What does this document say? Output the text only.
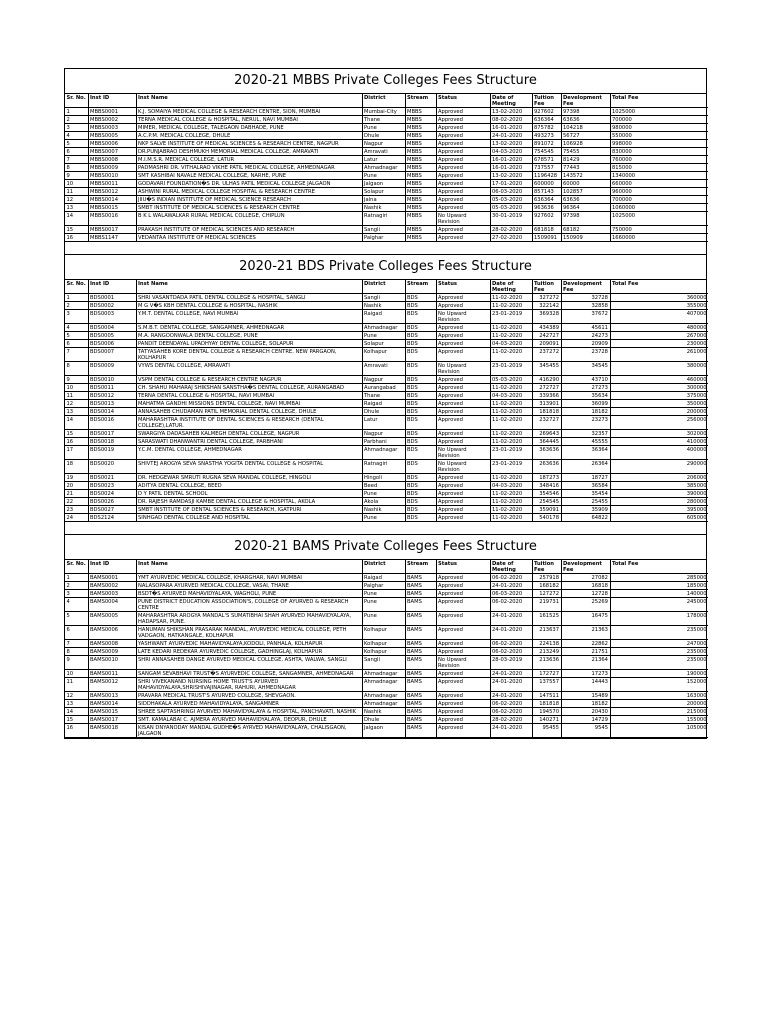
2020-21 MBBS Private Colleges Fees Structure
Sr. No.	Inst ID	Inst Name	District	Stream	Status	Date of Meeting	Tuition Fee	Development Fee	Total Fee
1	MBBS0001	K.J. SOMAIYA MEDICAL COLLEGE & RESEARCH CENTRE, SION, MUMBAI	Mumbai-City	MBBS	Approved	13-02-2020	927602	97398	1025000
2	MBBS0002	TERNA MEDICAL COLLEGE & HOSPITAL, NERUL, NAVI MUMBAI	Thane	MBBS	Approved	08-02-2020	636364	63636	700000
3	MBBS0003	MIMER, MEDICAL COLLEGE, TALEGAON DABHADE, PUNE	Pune	MBBS	Approved	16-01-2020	875782	104218	980000
4	MBBS0005	A.C.P.M. MEDICAL COLLEGE, DHULE	Dhule	MBBS	Approved	24-01-2020	493273	56727	550000
5	MBBS0006	NKP SALVE INSTITUTE OF MEDICAL SCIENCES & RESEARCH CENTRE, NAGPUR	Nagpur	MBBS	Approved	13-02-2020	891072	106928	998000
6	MBBS0007	DR.PUNJABRAO DESHMUKH MEMORIAL MEDICAL COLLEGE, AMRAVATI	Amravati	MBBS	Approved	04-03-2020	754545	75455	830000
7	MBBS0008	M.I.M.S.R. MEDICAL COLLEGE, LATUR	Latur	MBBS	Approved	16-01-2020	678571	81429	760000
8	MBBS0009	PADMASHRI DR. VITHALRAO VIKHE PATIL MEDICAL COLLEGE, AHMEDNAGAR	Ahmadnagar	MBBS	Approved	16-01-2020	737557	77443	815000
9	MBBS0010	SMT KASHIBAI NAVALE MEDICAL COLLEGE, NARHE, PUNE	Pune	MBBS	Approved	13-02-2020	1196428	143572	1340000
10	MBBS0011	GODAVARI FOUNDATION�S DR. ULHAS PATIL MEDICAL COLLEGE JALGAON	Jalgaon	MBBS	Approved	17-01-2020	600000	60000	660000
11	MBBS0012	ASHWINI RURAL MEDICAL COLLEGE HOSPITAL & RESEARCH CENTRE	Solapur	MBBS	Approved	06-03-2020	857143	102857	960000
12	MBBS0014	JIIU�S INDIAN INSTITUTE OF MEDICAL SCIENCE RESEARCH	Jalna	MBBS	Approved	05-03-2020	636364	63636	700000
13	MBBS0015	SMBT INSTITUTE OF MEDICAL SCIENCES & RESEARCH CENTRE	Nashik	MBBS	Approved	05-03-2020	963636	96364	1060000
14	MBBS0016	B K L WALAWALKAR RURAL MEDICAL COLLEGE, CHIPLUN	Ratnagiri	MBBS	No Upward Revision	30-01-2019	927602	97398	1025000
15	MBBS0017	PRAKASH INSTITUTE OF MEDICAL SCIENCES AND RESEARCH	Sangli	MBBS	Approved	28-02-2020	681818	68182	750000
16	MBBS1147	VEDANTAA INSTITUTE OF MEDICAL SCIENCES	Palghar	MBBS	Approved	27-02-2020	1509091	150909	1660000
2020-21 BDS Private Colleges Fees Structure
Sr. No.	Inst ID	Inst Name	District	Stream	Status	Date of Meeting	Tuition Fee	Development Fee	Total Fee
1	BDS0001	SHRI VASANTDADA PATIL DENTAL COLLEGE & HOSPITAL, SANGLI	Sangli	BDS	Approved	11-02-2020	327272	32728	360000
2	BDS0002	M G V�S KBH DENTAL COLLEGE & HOSPITAL, NASHIK	Nashik	BDS	Approved	11-02-2020	322142	32858	355000
3	BDS0003	Y.M.T. DENTAL COLLEGE, NAVI MUMBAI	Raigad	BDS	No Upward Revision	23-01-2019	369328	37672	407000
4	BDS0004	S.M.B.T. DENTAL COLLEGE, SANGAMNER, AHMEDNAGAR	Ahmadnagar	BDS	Approved	11-02-2020	434389	45611	480000
5	BDS0005	M.A. RANGOONWALA DENTAL COLLEGE, PUNE	Pune	BDS	Approved	11-02-2020	242727	24273	267000
6	BDS0006	PANDIT DEENDAYAL UPADHYAY DENTAL COLLEGE, SOLAPUR	Solapur	BDS	Approved	04-03-2020	209091	20909	230000
7	BDS0007	TATYASAHEB KORE DENTAL COLLEGE & RESEARCH CENTRE, NEW PARGAON, KOLHAPUR	Kolhapur	BDS	Approved	11-02-2020	237272	23728	261000
8	BDS0009	VYWS DENTAL COLLEGE, AMRAVATI	Amravati	BDS	No Upward Revision	23-01-2019	345455	34545	380000
9	BDS0010	VSPM DENTAL COLLEGE & RESEARCH CENTRE NAGPUR	Nagpur	BDS	Approved	05-03-2020	416290	43710	460000
10	BDS0011	CH. SHAHU MAHARAJ SHIKSHAN SANSTHA�S DENTAL COLLEGE, AURANGABAD	Aurangabad	BDS	Approved	11-02-2020	272727	27273	300000
11	BDS0012	TERNA DENTAL COLLEGE & HOSPITAL, NAVI MUMBAI	Thane	BDS	Approved	04-03-2020	339366	35634	375000
12	BDS0013	MAHATMA GANDHI MISSIONS DENTAL COLLEGE, NAVI MUMBAI	Raigad	BDS	Approved	11-02-2020	313901	36099	350000
13	BDS0014	ANNASAHEB CHUDAMAN PATIL MEMORIAL DENTAL COLLEGE, DHULE	Dhule	BDS	Approved	11-02-2020	181818	18182	200000
14	BDS0016	MAHARASHTRA INSTITUTE OF DENTAL SCIENCES & RESEARCH (DENTAL COLLEGE),LATUR.	Latur	BDS	Approved	11-02-2020	232727	23273	256000
15	BDS0017	SWARGIYA DADASAHEB KALMEGH DENTAL COLLEGE, NAGPUR	Nagpur	BDS	Approved	11-02-2020	269643	32357	302000
16	BDS0018	SARASWATI DHANWANTRI DENTAL COLLEGE, PARBHANI	Parbhani	BDS	Approved	11-02-2020	364445	45555	410000
17	BDS0019	Y.C.M. DENTAL COLLEGE, AHMEDNAGAR	Ahmadnagar	BDS	No Upward Revision	23-01-2019	363636	36364	400000
18	BDS0020	SHIVTEJ AROGYA SEVA SNASTHA YOGITA DENTAL COLLEGE & HOSPITAL	Ratnagiri	BDS	No Upward Revision	23-01-2019	263636	26364	290000
19	BDS0021	DR. HEDGEWAR SMRUTI RUGNA SEVA MANDAL COLLEGE, HINGOLI	Hingoli	BDS	Approved	11-02-2020	187273	18727	206000
20	BDS0023	ADITYA DENTAL COLLEGE, BEED	Beed	BDS	Approved	04-03-2020	348416	36584	385000
21	BDS0024	D Y PATIL DENTAL SCHOOL	Pune	BDS	Approved	11-02-2020	354546	35454	390000
22	BDS0026	DR. RAJESH RAMDASJI KAMBE DENTAL COLLEGE & HOSPITAL, AKOLA	Akola	BDS	Approved	11-02-2020	254545	25455	280000
23	BDS0027	SMBT INSTITUTE OF DENTAL SCIENCES & RESEARCH, IGATPURI	Nashik	BDS	Approved	11-02-2020	359091	35909	395000
24	BDS2124	SINHGAD DENTAL COLLEGE AND HOSPITAL	Pune	BDS	Approved	11-02-2020	540178	64822	605000
2020-21 BAMS Private Colleges Fees Structure
Sr. No.	Inst ID	Inst Name	District	Stream	Status	Date of Meeting	Tuition Fee	Development Fee	Total Fee
1	BAMS0001	YMT AYURVEDIC MEDICAL COLLEGE, KHARGHAR, NAVI MUMBAI	Raigad	BAMS	Approved	06-02-2020	257918	27082	285000
2	BAMS0002	NALASOPARA AYURVED MEDICAL COLLEGE, VASAI, THANE	Palghar	BAMS	Approved	24-01-2020	168182	16818	185000
3	BAMS0003	BSDT�S AYURVED MAHAVIDYALAYA, WAGHOLI, PUNE	Pune	BAMS	Approved	06-03-2020	127272	12728	140000
4	BAMS0004	PUNE DISTRICT EDUCATION ASSOCIATION'S, COLLEGE OF AYURVED & RESEARCH CENTRE	Pune	BAMS	Approved	06-02-2020	219731	25269	245000
5	BAMS0005	MAHARASHTRA AROGYA MANDAL'S SUMATIBHAI SHAH AYURVED MAHAVIDYALAYA, HADAPSAR, PUNE.	Pune	BAMS	Approved	24-01-2020	161525	16475	178000
6	BAMS0006	HANUMAN SHIKSHAN PRASARAK MANDAL, AYURVEDIC MEDICAL COLLEGE, PETH VADGAON, HATKANGALE, KOLHAPUR	Kolhapur	BAMS	Approved	24-01-2020	213637	21363	235000
7	BAMS0008	YASHWANT AYURVEDIC MAHAVIDYALAYA,KODOLI, PANHALA, KOLHAPUR	Kolhapur	BAMS	Approved	06-02-2020	224138	22862	247000
8	BAMS0009	LATE KEDARI REDEKAR AYURVEDIC COLLEGE, GADHINGLAJ, KOLHAPUR	Kolhapur	BAMS	Approved	06-02-2020	213249	21751	235000
9	BAMS0010	SHRI ANNASAHEB DANGE AYURVED MEDICAL COLLEGE, ASHTA, WALWA, SANGLI	Sangli	BAMS	No Upward Revision	28-03-2019	213636	21364	235000
10	BAMS0011	SANGAM SEVABHAVI TRUST�S AYURVEDIC COLLEGE, SANGAMNER, AHMEDNAGAR	Ahmadnagar	BAMS	Approved	24-01-2020	172727	17273	190000
11	BAMS0012	SHRI VIVEKANAND NURSING HOME TRUST'S AYURVED MAHAVIDYALAYA,SHRISHIVAJINAGAR, RAHURI, AHMEDNAGAR	Ahmadnagar	BAMS	Approved	24-01-2020	137557	14443	152000
12	BAMS0013	PRAVARA MEDICAL TRUST'S AYURVED COLLEGE, SHEVGAON.	Ahmadnagar	BAMS	Approved	24-01-2020	147511	15489	163000
13	BAMS0014	SIDDHAKALA AYURVED MAHAVIDYALAYA, SANGAMNER	Ahmadnagar	BAMS	Approved	06-02-2020	181818	18182	200000
14	BAMS0015	SHREE SAPTASHRINGI AYURVED MAHAVIDYALAYA & HOSPITAL, PANCHAVATI, NASHIK	Nashik	BAMS	Approved	06-02-2020	194570	20430	215000
15	BAMS0017	SMT. KAMALABAI C. AJMERA AYURVED MAHAVIDYALAYA, DEOPUR, DHULE	Dhule	BAMS	Approved	28-02-2020	140271	14729	155000
16	BAMS0018	KISAN DNYANODAY MANDAL GUDHE�S AYRVED MAHAVIDYALAYA, CHALISGAON, JALGAON	Jalgaon	BAMS	Approved	24-01-2020	95455	9545	105000
